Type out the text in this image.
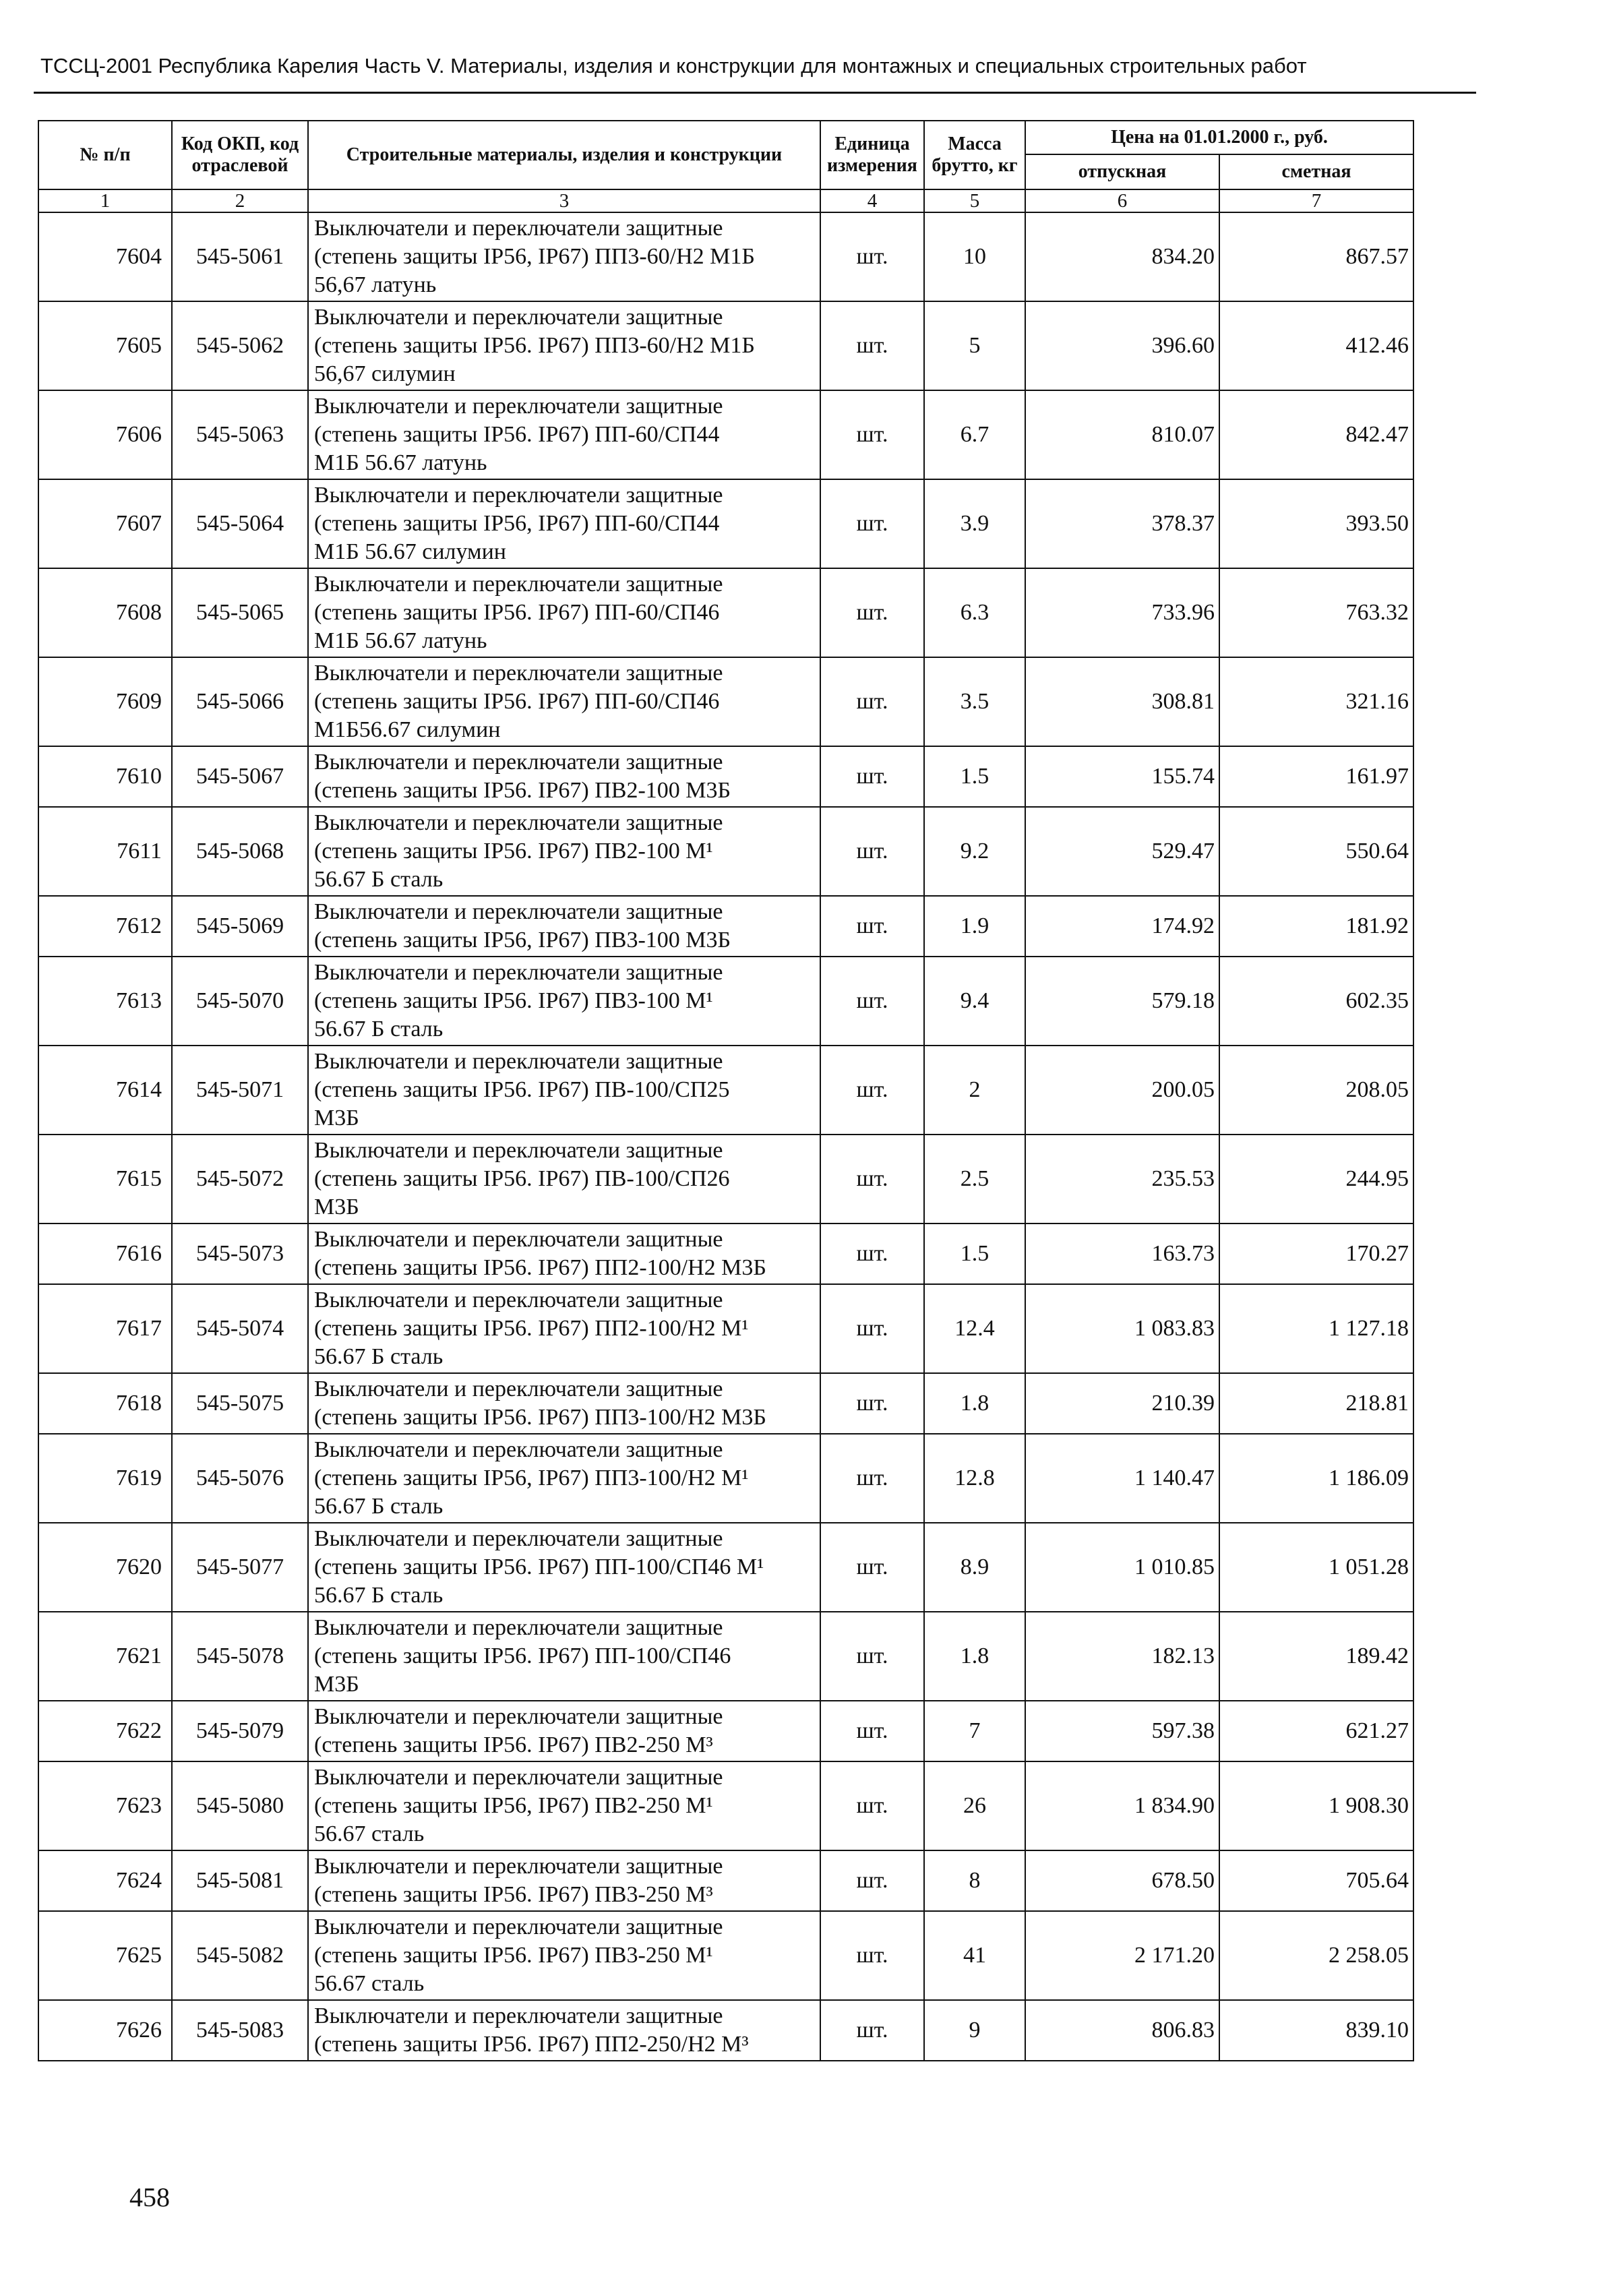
ТССЦ-2001 Республика Карелия Часть V. Материалы, изделия и конструкции для монтажных и специальных строительных работ
№ п/п	Код ОКП, код отраслевой	Строительные материалы, изделия и конструкции	Единица измерения	Масса брутто, кг	Цена на 01.01.2000 г., руб.	
					отпускная	сметная
1	2	3	4	5	6	7
7604	545-5061	Выключатели и переключатели защитные
(степень защиты IP56, IP67) ПП3-60/Н2 М1Б
56,67 латунь	шт.	10	834.20	867.57
7605	545-5062	Выключатели и переключатели защитные
(степень защиты IP56. IP67) ПП3-60/Н2 М1Б
56,67 силумин	шт.	5	396.60	412.46
7606	545-5063	Выключатели и переключатели защитные
(степень защиты IP56. IP67) ПП-60/СП44
М1Б 56.67 латунь	шт.	6.7	810.07	842.47
7607	545-5064	Выключатели и переключатели защитные
(степень защиты IP56, IP67) ПП-60/СП44
М1Б 56.67 силумин	шт.	3.9	378.37	393.50
7608	545-5065	Выключатели и переключатели защитные
(степень защиты IP56. IP67) ПП-60/СП46
М1Б 56.67 латунь	шт.	6.3	733.96	763.32
7609	545-5066	Выключатели и переключатели защитные
(степень защиты IP56. IP67) ПП-60/СП46
М1Б56.67 силумин	шт.	3.5	308.81	321.16
7610	545-5067	Выключатели и переключатели защитные
(степень защиты IP56. IP67) ПВ2-100 М3Б	шт.	1.5	155.74	161.97
7611	545-5068	Выключатели и переключатели защитные
(степень защиты IP56. IP67) ПВ2-100 М¹
56.67 Б сталь	шт.	9.2	529.47	550.64
7612	545-5069	Выключатели и переключатели защитные
(степень защиты IP56, IP67) ПВ3-100 М3Б	шт.	1.9	174.92	181.92
7613	545-5070	Выключатели и переключатели защитные
(степень защиты IP56. IP67) ПВ3-100 М¹
56.67 Б сталь	шт.	9.4	579.18	602.35
7614	545-5071	Выключатели и переключатели защитные
(степень защиты IP56. IP67) ПВ-100/СП25
М3Б	шт.	2	200.05	208.05
7615	545-5072	Выключатели и переключатели защитные
(степень защиты IP56. IP67) ПВ-100/СП26
М3Б	шт.	2.5	235.53	244.95
7616	545-5073	Выключатели и переключатели защитные
(степень защиты IP56. IP67) ПП2-100/Н2 М3Б	шт.	1.5	163.73	170.27
7617	545-5074	Выключатели и переключатели защитные
(степень защиты IP56. IP67) ПП2-100/Н2 М¹
56.67 Б сталь	шт.	12.4	1 083.83	1 127.18
7618	545-5075	Выключатели и переключатели защитные
(степень защиты IP56. IP67) ПП3-100/Н2 М3Б	шт.	1.8	210.39	218.81
7619	545-5076	Выключатели и переключатели защитные
(степень защиты IP56, IP67) ПП3-100/Н2 М¹
56.67 Б сталь	шт.	12.8	1 140.47	1 186.09
7620	545-5077	Выключатели и переключатели защитные
(степень защиты IP56. IP67) ПП-100/СП46 М¹
56.67 Б сталь	шт.	8.9	1 010.85	1 051.28
7621	545-5078	Выключатели и переключатели защитные
(степень защиты IP56. IP67) ПП-100/СП46
М3Б	шт.	1.8	182.13	189.42
7622	545-5079	Выключатели и переключатели защитные
(степень защиты IP56. IP67) ПВ2-250 М³	шт.	7	597.38	621.27
7623	545-5080	Выключатели и переключатели защитные
(степень защиты IP56, IP67) ПВ2-250 М¹
56.67 сталь	шт.	26	1 834.90	1 908.30
7624	545-5081	Выключатели и переключатели защитные
(степень защиты IP56. IP67) ПВ3-250 М³	шт.	8	678.50	705.64
7625	545-5082	Выключатели и переключатели защитные
(степень защиты IP56. IP67) ПВ3-250 М¹
56.67 сталь	шт.	41	2 171.20	2 258.05
7626	545-5083	Выключатели и переключатели защитные
(степень защиты IP56. IP67) ПП2-250/Н2 М³	шт.	9	806.83	839.10
458
